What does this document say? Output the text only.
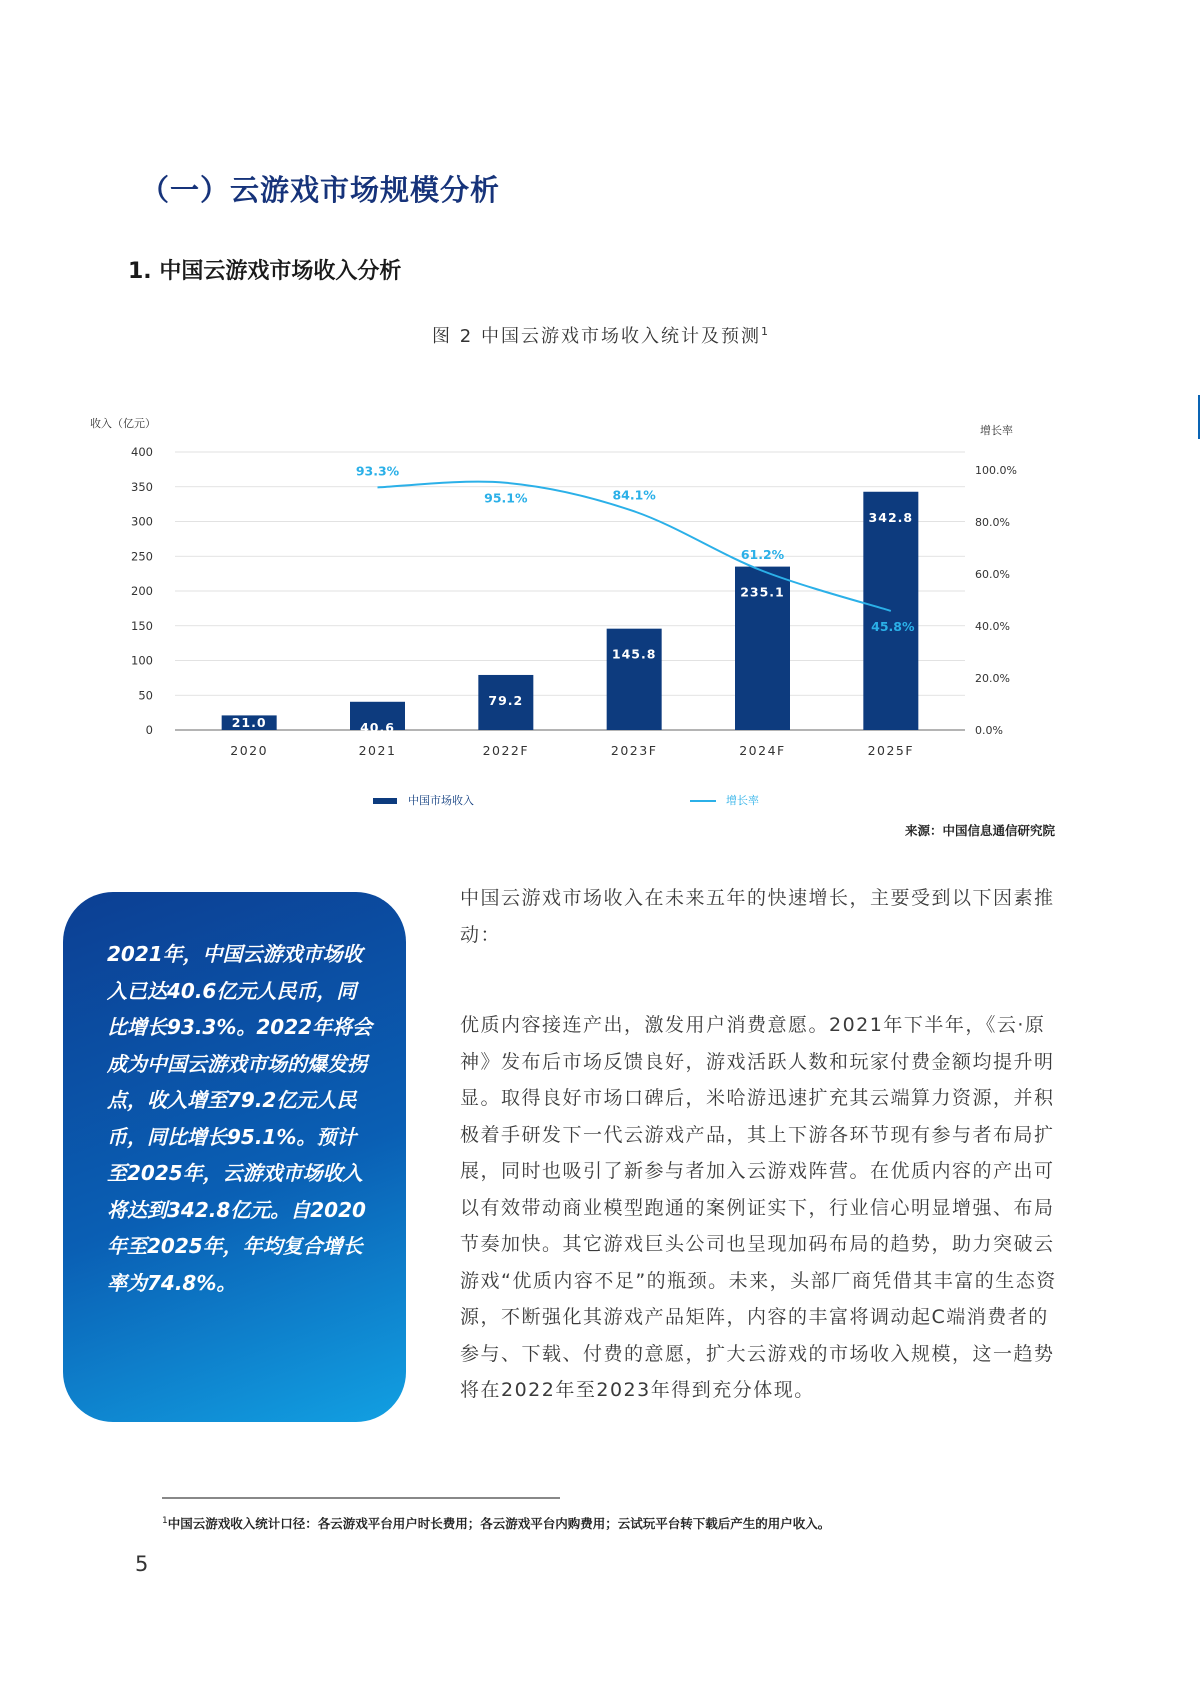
（一）云游戏市场规模分析
1. 中国云游戏市场收入分析
图 2 中国云游戏市场收入统计及预测$^1$
收入（亿元）
增长率
0
50
100
150
200
250
300
350
400
0.0%
20.0%
40.0%
60.0%
80.0%
100.0%
21.0	40.6
79.2
145.8
235.1
342.8
93.3%
95.1%	84.1%
61.2%
45.8%
2020	2021	2022F	2023F	2024F	2025F
中国市场收入	增长率
来源：中国信息通信研究院

2021年，中国云游戏市场收入已达40.6亿元人民币，同比增长93.3%。2022年将会成为中国云游戏市场的爆发拐点，收入增至79.2亿元人民币，同比增长95.1%。预计至2025年，云游戏市场收入将达到342.8亿元。自2020年至2025年，年均复合增长率为74.8%。

中国云游戏市场收入在未来五年的快速增长，主要受到以下因素推动：

优质内容接连产出，激发用户消费意愿。2021年下半年，《云·原神》发布后市场反馈良好，游戏活跃人数和玩家付费金额均提升明显。取得良好市场口碑后，米哈游迅速扩充其云端算力资源，并积极着手研发下一代云游戏产品，其上下游各环节现有参与者布局扩展，同时也吸引了新参与者加入云游戏阵营。在优质内容的产出可以有效带动商业模型跑通的案例证实下，行业信心明显增强、布局节奏加快。其它游戏巨头公司也呈现加码布局的趋势，助力突破云游戏“优质内容不足”的瓶颈。未来，头部厂商凭借其丰富的生态资源，不断强化其游戏产品矩阵，内容的丰富将调动起C端消费者的参与、下载、付费的意愿，扩大云游戏的市场收入规模，这一趋势将在2022年至2023年得到充分体现。

$^1$中国云游戏收入统计口径：各云游戏平台用户时长费用；各云游戏平台内购费用；云试玩平台转下载后产生的用户收入。

5
